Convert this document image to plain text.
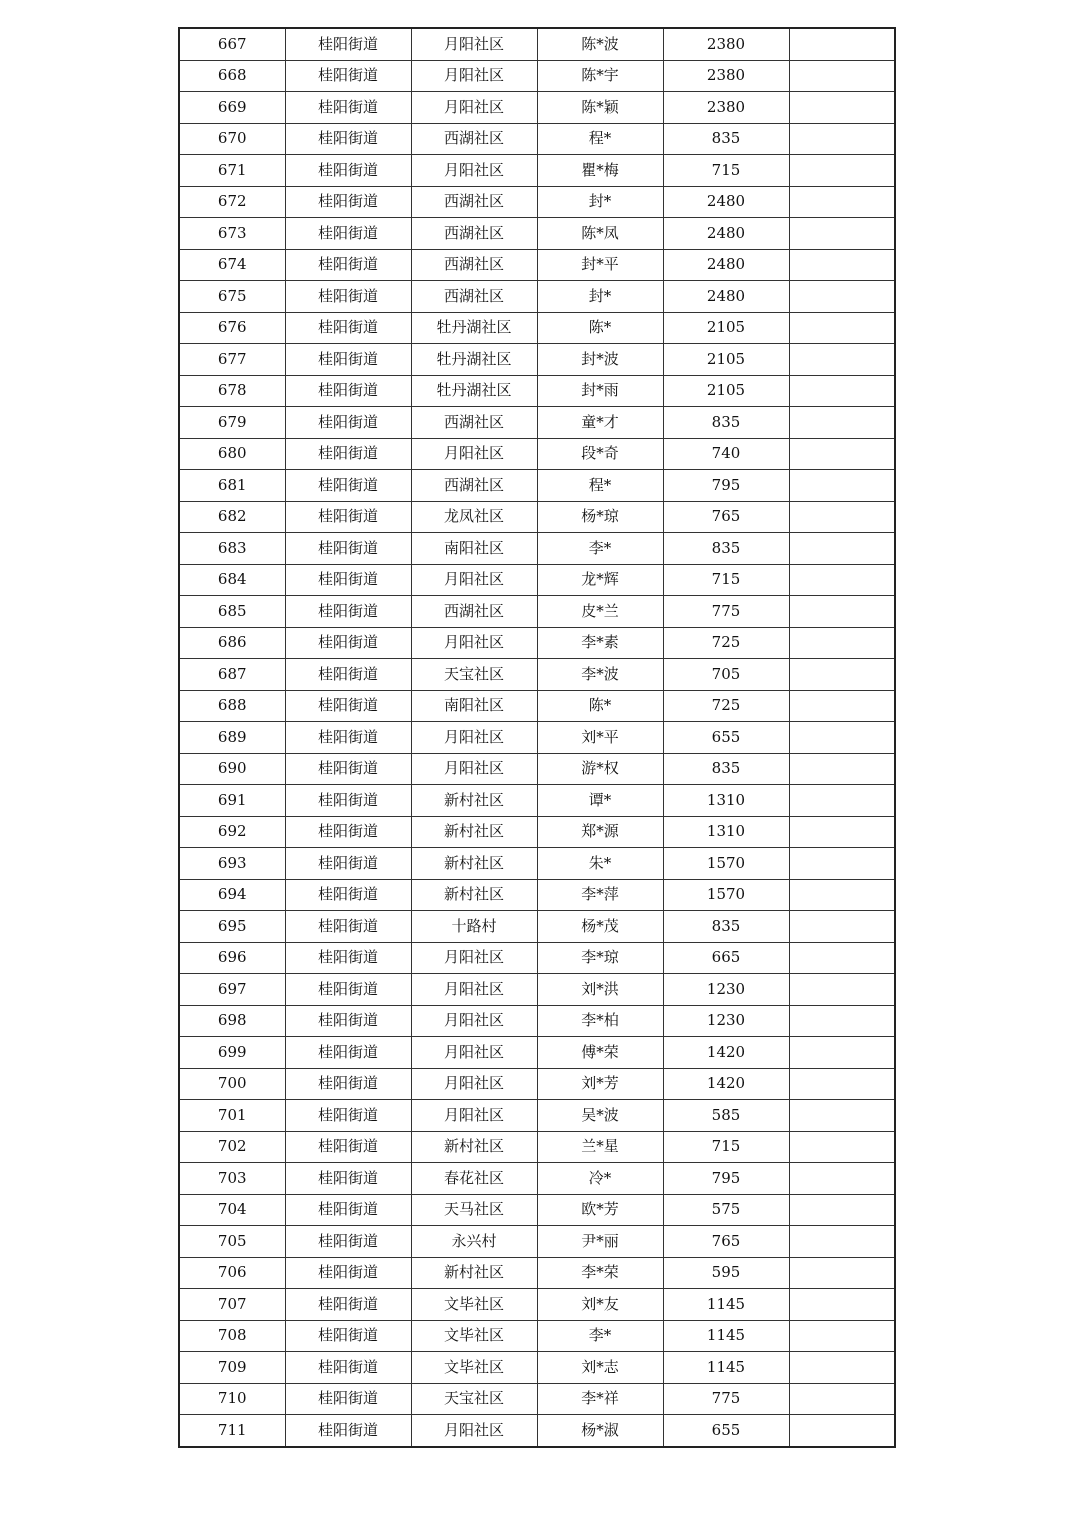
667	桂阳街道	月阳社区	陈*波	2380	
668	桂阳街道	月阳社区	陈*宇	2380	
669	桂阳街道	月阳社区	陈*颖	2380	
670	桂阳街道	西湖社区	程*	835	
671	桂阳街道	月阳社区	瞿*梅	715	
672	桂阳街道	西湖社区	封*	2480	
673	桂阳街道	西湖社区	陈*凤	2480	
674	桂阳街道	西湖社区	封*平	2480	
675	桂阳街道	西湖社区	封*	2480	
676	桂阳街道	牡丹湖社区	陈*	2105	
677	桂阳街道	牡丹湖社区	封*波	2105	
678	桂阳街道	牡丹湖社区	封*雨	2105	
679	桂阳街道	西湖社区	童*才	835	
680	桂阳街道	月阳社区	段*奇	740	
681	桂阳街道	西湖社区	程*	795	
682	桂阳街道	龙凤社区	杨*琼	765	
683	桂阳街道	南阳社区	李*	835	
684	桂阳街道	月阳社区	龙*辉	715	
685	桂阳街道	西湖社区	皮*兰	775	
686	桂阳街道	月阳社区	李*素	725	
687	桂阳街道	天宝社区	李*波	705	
688	桂阳街道	南阳社区	陈*	725	
689	桂阳街道	月阳社区	刘*平	655	
690	桂阳街道	月阳社区	游*权	835	
691	桂阳街道	新村社区	谭*	1310	
692	桂阳街道	新村社区	郑*源	1310	
693	桂阳街道	新村社区	朱*	1570	
694	桂阳街道	新村社区	李*萍	1570	
695	桂阳街道	十路村	杨*茂	835	
696	桂阳街道	月阳社区	李*琼	665	
697	桂阳街道	月阳社区	刘*洪	1230	
698	桂阳街道	月阳社区	李*柏	1230	
699	桂阳街道	月阳社区	傅*荣	1420	
700	桂阳街道	月阳社区	刘*芳	1420	
701	桂阳街道	月阳社区	吴*波	585	
702	桂阳街道	新村社区	兰*星	715	
703	桂阳街道	春花社区	冷*	795	
704	桂阳街道	天马社区	欧*芳	575	
705	桂阳街道	永兴村	尹*丽	765	
706	桂阳街道	新村社区	李*荣	595	
707	桂阳街道	文毕社区	刘*友	1145	
708	桂阳街道	文毕社区	李*	1145	
709	桂阳街道	文毕社区	刘*志	1145	
710	桂阳街道	天宝社区	李*祥	775	
711	桂阳街道	月阳社区	杨*淑	655	
